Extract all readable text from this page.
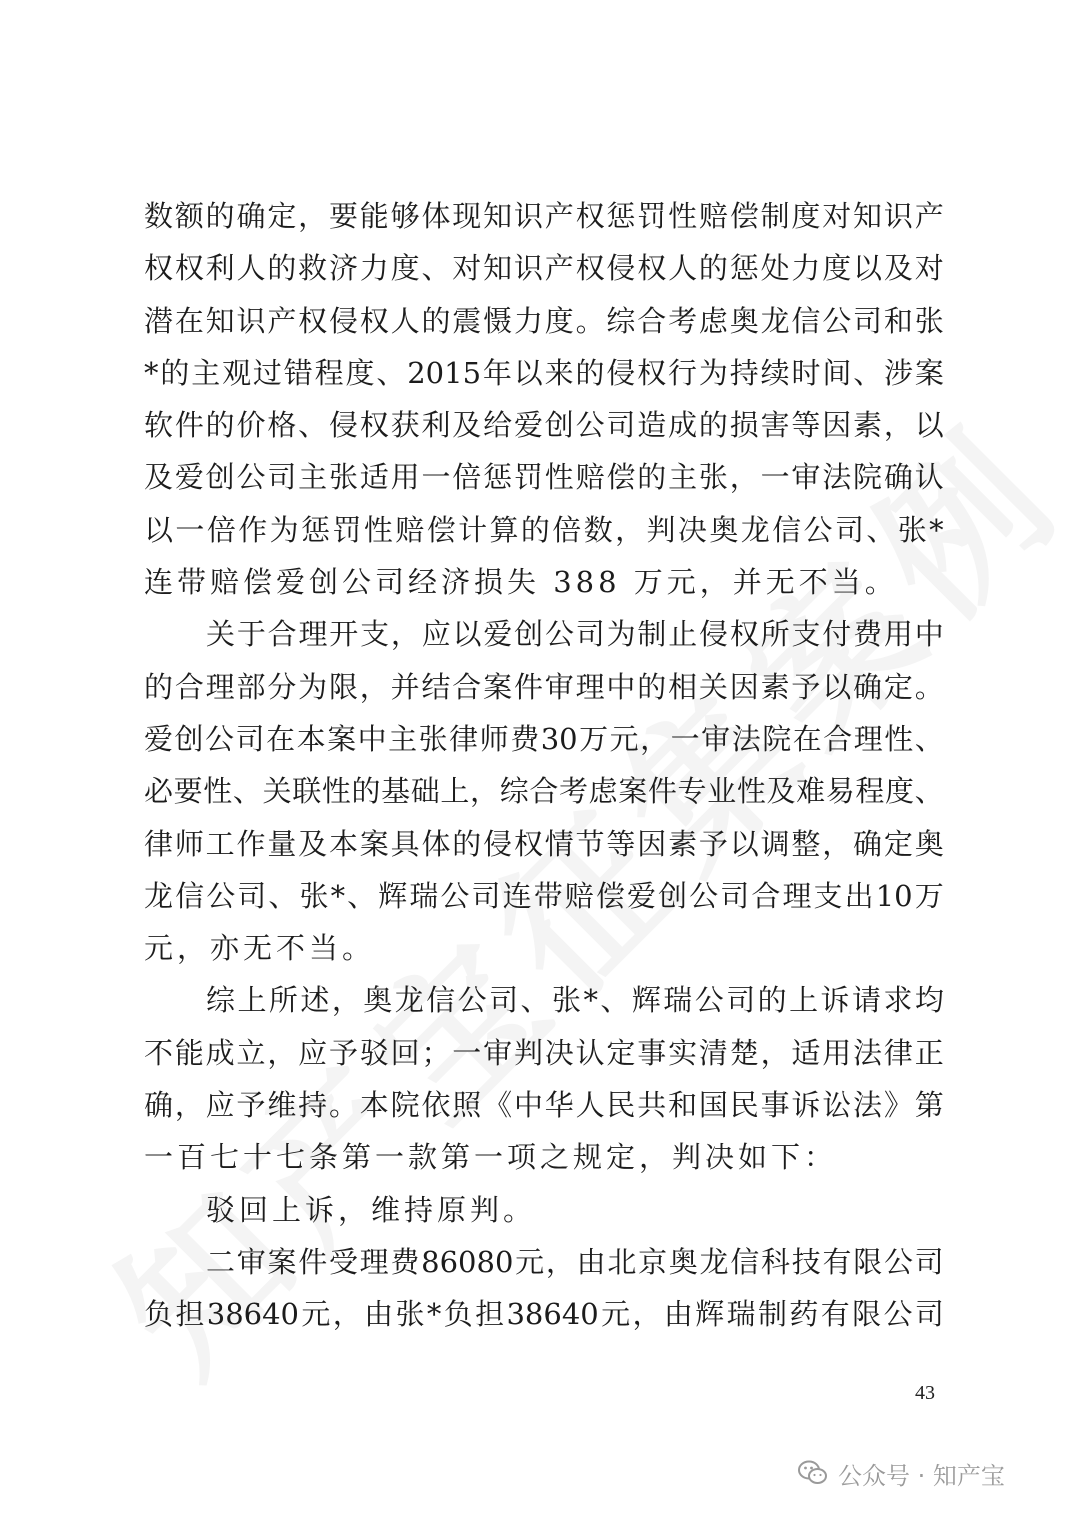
数 额 的 确 定 ， 要 能 够 体 现 知 识 产 权 惩 罚 性 赔 偿 制 度 对 知 识 产
权 权 利 人 的 救 济 力 度 、 对 知 识 产 权 侵 权 人 的 惩 处 力 度 以 及 对
潜 在 知 识 产 权 侵 权 人 的 震 慑 力 度 。 综 合 考 虑 奥 龙 信 公 司 和 张
* 的 主 观 过 错 程 度 、 2015 年 以 来 的 侵 权 行 为 持 续 时 间 、 涉 案
软 件 的 价 格 、 侵 权 获 利 及 给 爱 创 公 司 造 成 的 损 害 等 因 素 ， 以
及 爱 创 公 司 主 张 适 用 一 倍 惩 罚 性 赔 偿 的 主 张 ， 一 审 法 院 确 认
以 一 倍 作 为 惩 罚 性 赔 偿 计 算 的 倍 数 ， 判 决 奥 龙 信 公 司 、 张 *
连带赔偿爱创公司经济损失 388 万元，并无不当。
关 于 合 理 开 支 ， 应 以 爱 创 公 司 为 制 止 侵 权 所 支 付 费 用 中
的 合 理 部 分 为 限 ， 并 结 合 案 件 审 理 中 的 相 关 因 素 予 以 确 定 。
爱 创 公 司 在 本 案 中 主 张 律 师 费 30 万 元 ， 一 审 法 院 在 合 理 性 、
必 要 性 、 关 联 性 的 基 础 上 ， 综 合 考 虑 案 件 专 业 性 及 难 易 程 度 、
律 师 工 作 量 及 本 案 具 体 的 侵 权 情 节 等 因 素 予 以 调 整 ， 确 定 奥
龙 信 公 司 、 张 * 、 辉 瑞 公 司 连 带 赔 偿 爱 创 公 司 合 理 支 出 10 万
元，亦无不当。
综 上 所 述 ， 奥 龙 信 公 司 、 张 * 、 辉 瑞 公 司 的 上 诉 请 求 均
不 能 成 立 ， 应 予 驳 回 ； 一 审 判 决 认 定 事 实 清 楚 ， 适 用 法 律 正
确 ， 应 予 维 持 。 本 院 依 照 《 中 华 人 民 共 和 国 民 事 诉 讼 法 》 第
一百七十七条第一款第一项之规定，判决如下：
驳回上诉，维持原判。
二 审 案 件 受 理 费 86080 元 ， 由 北 京 奥 龙 信 科 技 有 限 公 司
负 担 38640 元 ， 由 张 * 负 担 38640 元 ， 由 辉 瑞 制 药 有 限 公 司
43
公众号 · 知产宝
